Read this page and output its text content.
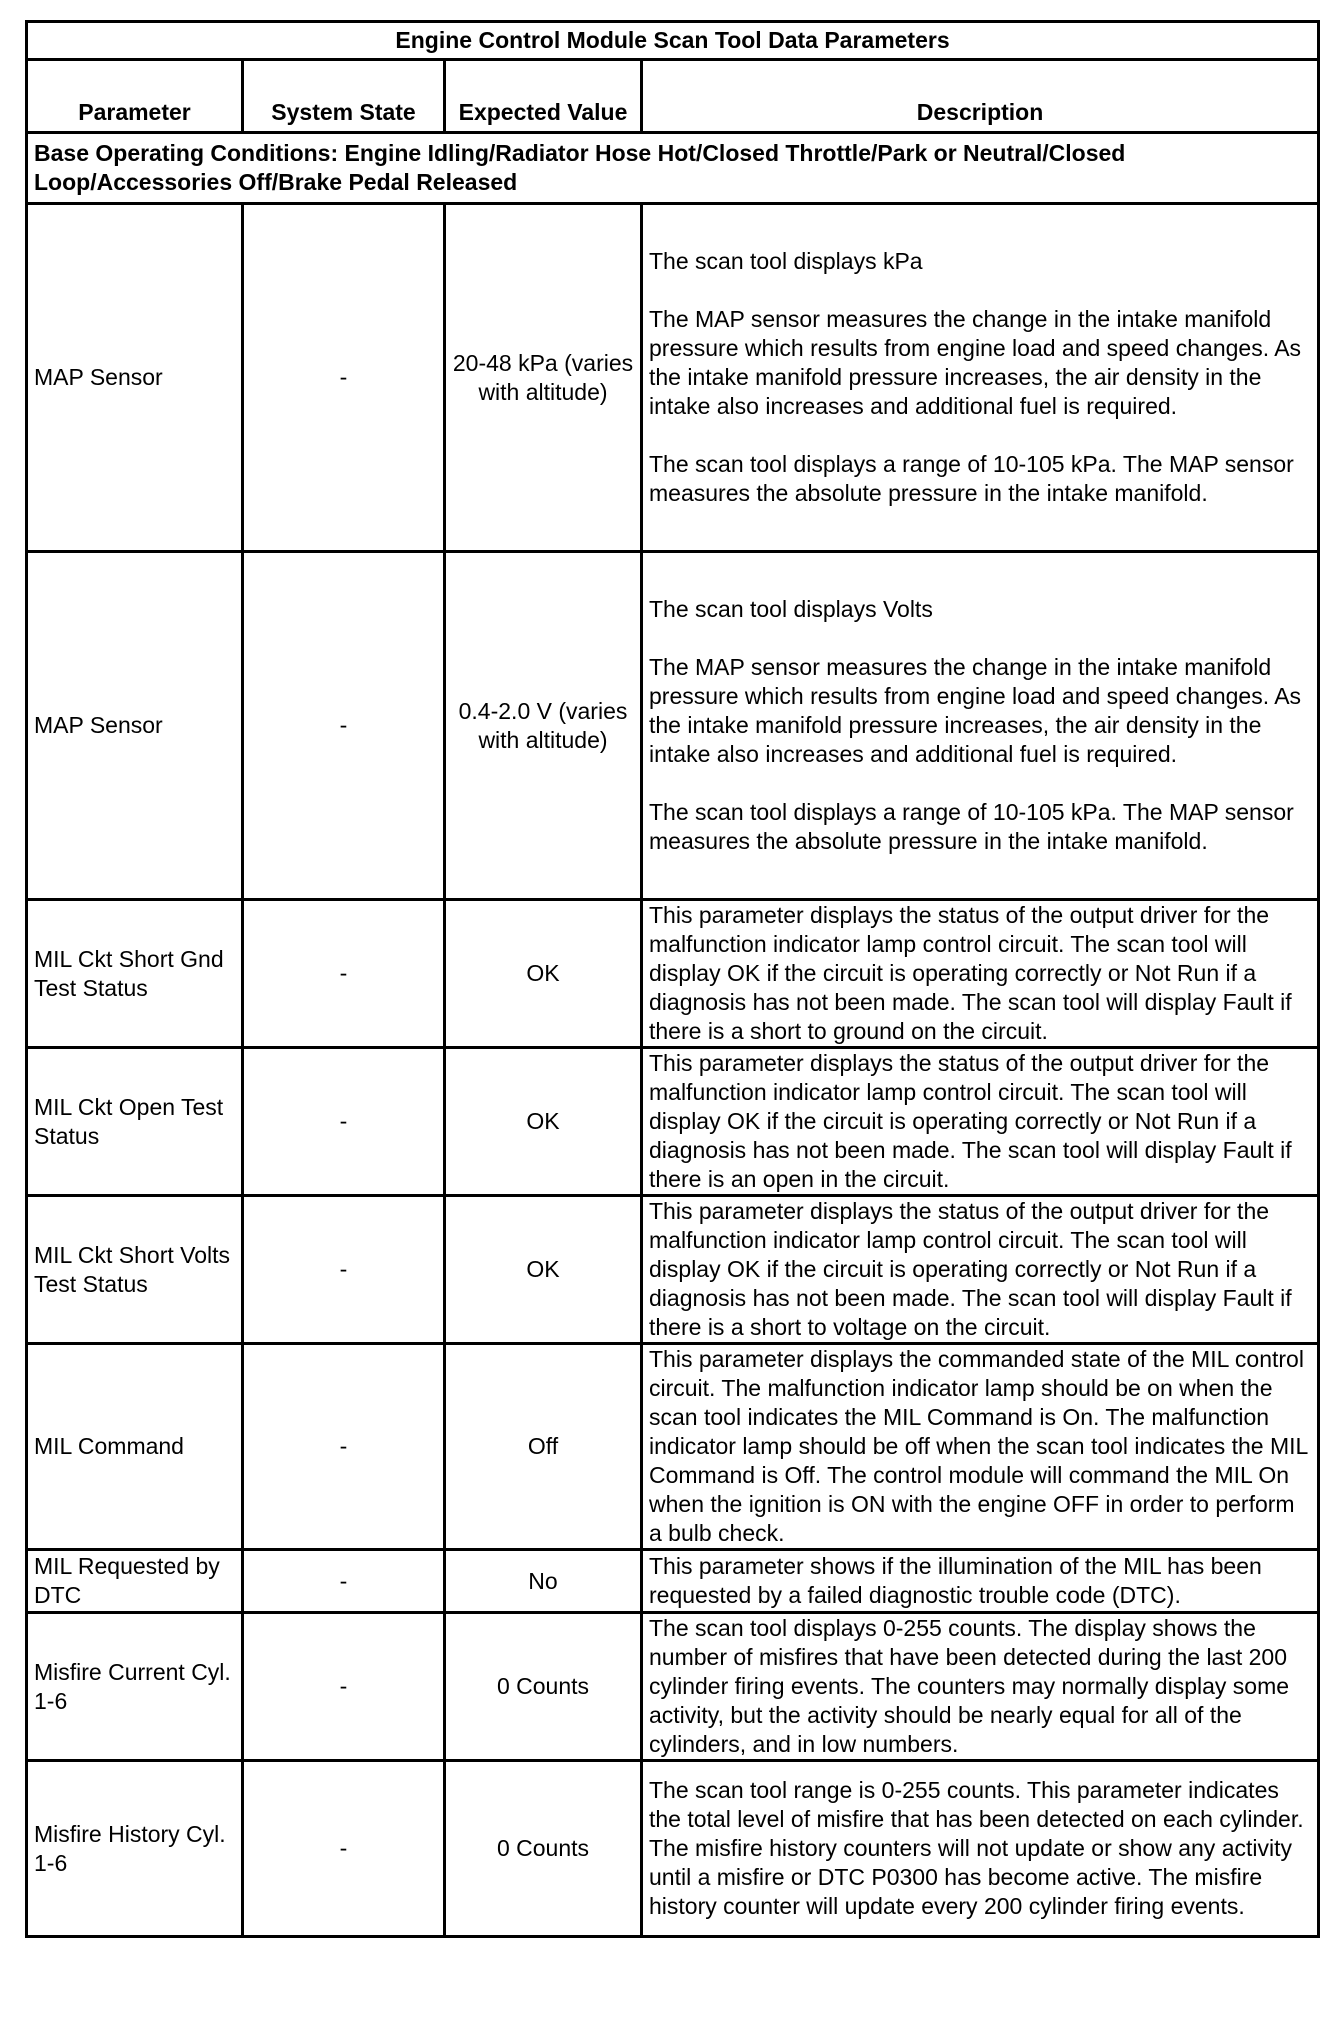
Engine Control Module Scan Tool Data Parameters			
Parameter	System State	Expected Value	Description
Base Operating Conditions: Engine Idling/Radiator Hose Hot/Closed Throttle/Park or Neutral/Closed Loop/Accessories Off/Brake Pedal Released			
MAP Sensor	-	20-48 kPa (varies with altitude)	The scan tool displays kPa

The MAP sensor measures the change in the intake manifold pressure which results from engine load and speed changes. As the intake manifold pressure increases, the air density in the intake also increases and additional fuel is required.

The scan tool displays a range of 10-105 kPa. The MAP sensor measures the absolute pressure in the intake manifold.

MAP Sensor	-	0.4-2.0 V (varies with altitude)	The scan tool displays Volts

The MAP sensor measures the change in the intake manifold pressure which results from engine load and speed changes. As the intake manifold pressure increases, the air density in the intake also increases and additional fuel is required.

The scan tool displays a range of 10-105 kPa. The MAP sensor measures the absolute pressure in the intake manifold.

MIL Ckt Short Gnd Test Status	-	OK	This parameter displays the status of the output driver for the malfunction indicator lamp control circuit. The scan tool will display OK if the circuit is operating correctly or Not Run if a diagnosis has not been made. The scan tool will display Fault if there is a short to ground on the circuit.

MIL Ckt Open Test Status	-	OK	This parameter displays the status of the output driver for the malfunction indicator lamp control circuit. The scan tool will display OK if the circuit is operating correctly or Not Run if a diagnosis has not been made. The scan tool will display Fault if there is an open in the circuit.

MIL Ckt Short Volts Test Status	-	OK	This parameter displays the status of the output driver for the malfunction indicator lamp control circuit. The scan tool will display OK if the circuit is operating correctly or Not Run if a diagnosis has not been made. The scan tool will display Fault if there is a short to voltage on the circuit.

MIL Command	-	Off	This parameter displays the commanded state of the MIL control circuit. The malfunction indicator lamp should be on when the scan tool indicates the MIL Command is On. The malfunction indicator lamp should be off when the scan tool indicates the MIL Command is Off. The control module will command the MIL On when the ignition is ON with the engine OFF in order to perform a bulb check.

MIL Requested by DTC	-	No	This parameter shows if the illumination of the MIL has been requested by a failed diagnostic trouble code (DTC).

Misfire Current Cyl. 1-6	-	0 Counts	The scan tool displays 0-255 counts. The display shows the number of misfires that have been detected during the last 200 cylinder firing events. The counters may normally display some activity, but the activity should be nearly equal for all of the cylinders, and in low numbers.

Misfire History Cyl. 1-6	-	0 Counts	The scan tool range is 0-255 counts. This parameter indicates the total level of misfire that has been detected on each cylinder. The misfire history counters will not update or show any activity until a misfire or DTC P0300 has become active. The misfire history counter will update every 200 cylinder firing events.
